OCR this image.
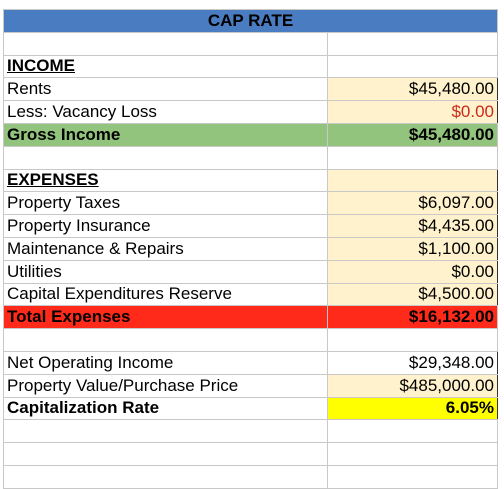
CAP RATE	

INCOME	
Rents	$45,480.00
Less: Vacancy Loss	$0.00
Gross Income	$45,480.00

EXPENSES	
Property Taxes	$6,097.00
Property Insurance	$4,435.00
Maintenance & Repairs	$1,100.00
Utilities	$0.00
Capital Expenditures Reserve	$4,500.00
Total Expenses	$16,132.00

Net Operating Income	$29,348.00
Property Value/Purchase Price	$485,000.00
Capitalization Rate	6.05%
